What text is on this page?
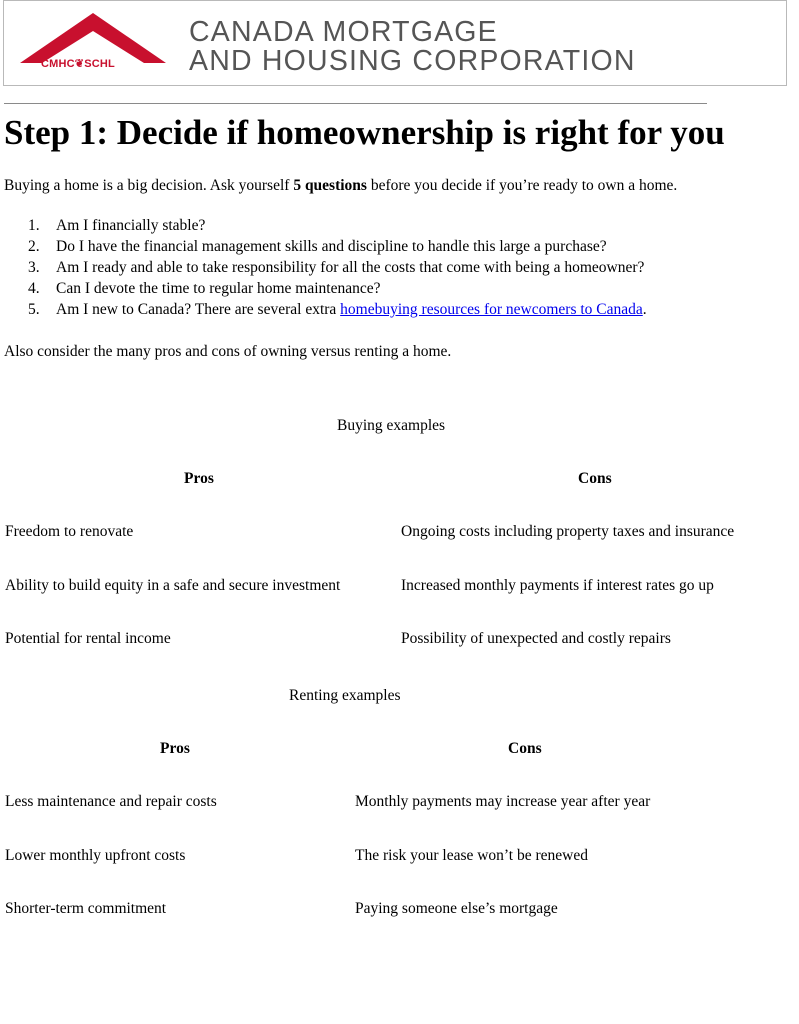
CMHC❦SCHL
CANADA MORTGAGE
AND HOUSING CORPORATION
Step 1: Decide if homeownership is right for you
Buying a home is a big decision. Ask yourself 5 questions before you decide if you’re ready to own a home.
1. Am I financially stable?
2. Do I have the financial management skills and discipline to handle this large a purchase?
3. Am I ready and able to take responsibility for all the costs that come with being a homeowner?
4. Can I devote the time to regular home maintenance?
5. Am I new to Canada? There are several extra homebuying resources for newcomers to Canada.
Also consider the many pros and cons of owning versus renting a home.
Buying examples
Pros	Cons
Freedom to renovate	Ongoing costs including property taxes and insurance
Ability to build equity in a safe and secure investment	Increased monthly payments if interest rates go up
Potential for rental income	Possibility of unexpected and costly repairs
Renting examples
Pros	Cons
Less maintenance and repair costs	Monthly payments may increase year after year
Lower monthly upfront costs	The risk your lease won’t be renewed
Shorter-term commitment	Paying someone else’s mortgage
